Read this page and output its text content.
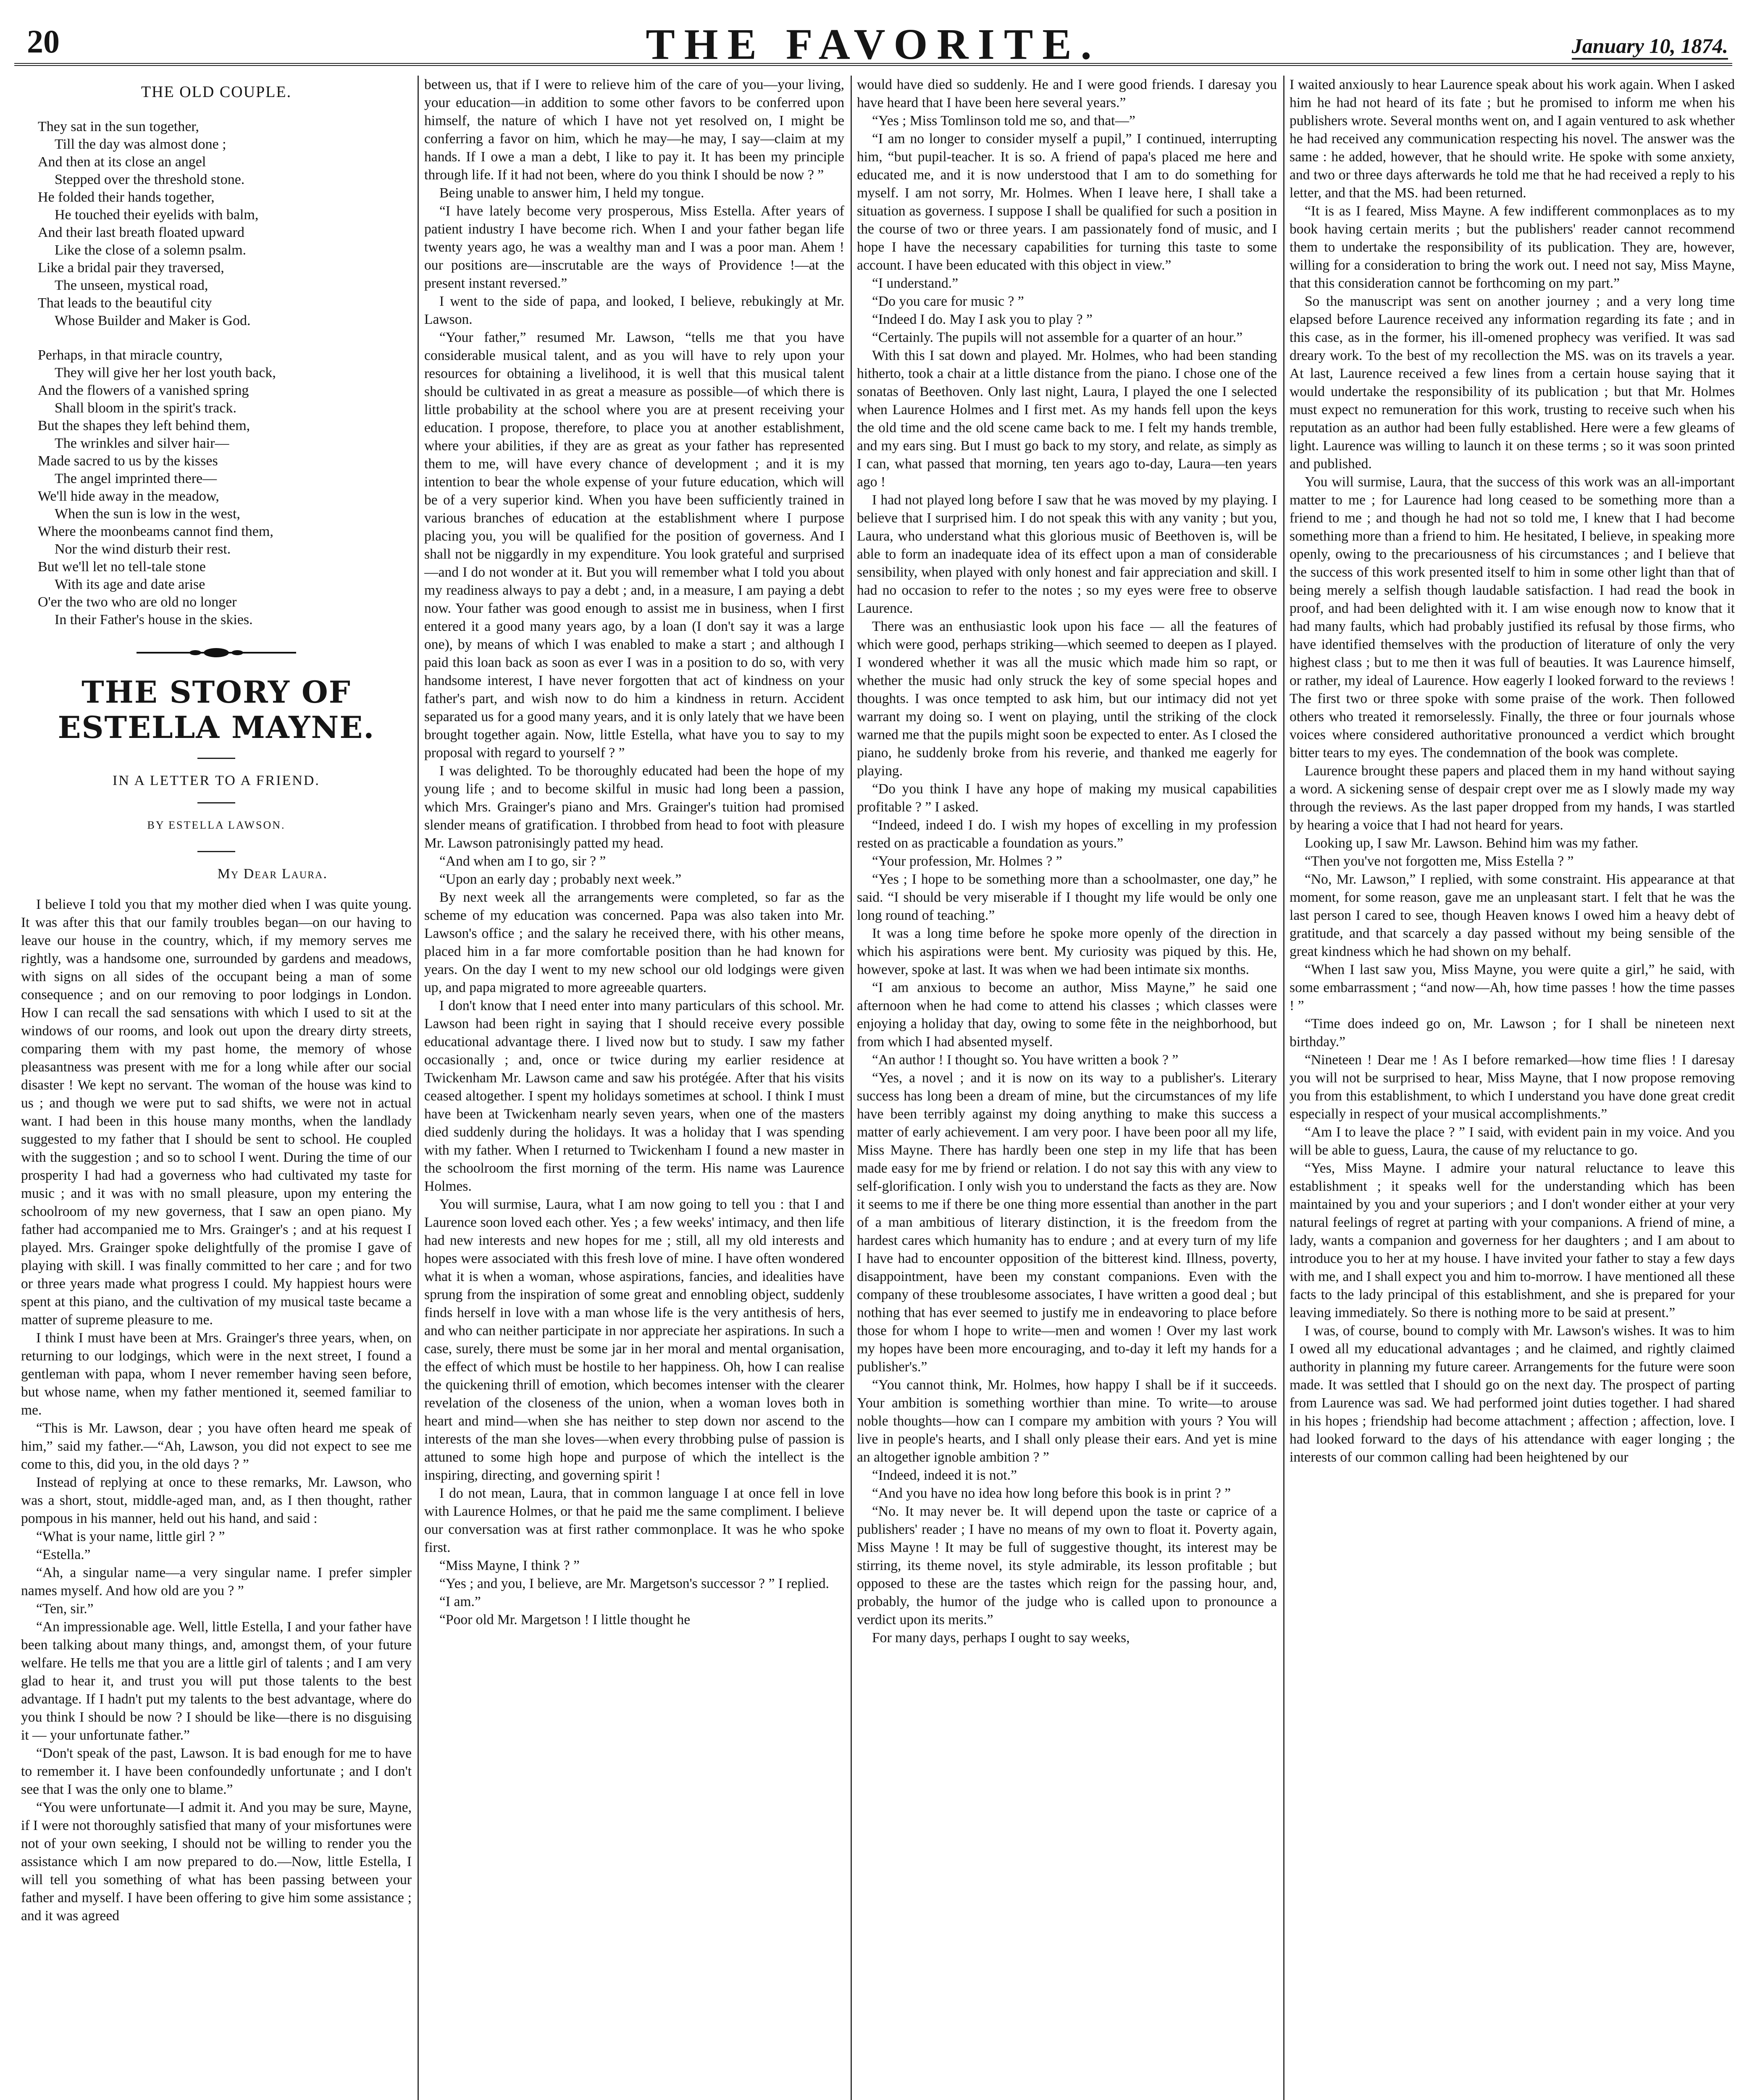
20	THE FAVORITE.	January 10, 1874.
THE OLD COUPLE.
They sat in the sun together,
Till the day was almost done ;
And then at its close an angel
Stepped over the threshold stone.
He folded their hands together,
He touched their eyelids with balm,
And their last breath floated upward
Like the close of a solemn psalm.
Like a bridal pair they traversed,
The unseen, mystical road,
That leads to the beautiful city
Whose Builder and Maker is God.
Perhaps, in that miracle country,
They will give her her lost youth back,
And the flowers of a vanished spring
Shall bloom in the spirit's track.
But the shapes they left behind them,
The wrinkles and silver hair—
Made sacred to us by the kisses
The angel imprinted there—
We'll hide away in the meadow,
When the sun is low in the west,
Where the moonbeams cannot find them,
Nor the wind disturb their rest.
But we'll let no tell-tale stone
With its age and date arise
O'er the two who are old no longer
In their Father's house in the skies.
THE STORY OF ESTELLA MAYNE.
IN A LETTER TO A FRIEND.
BY ESTELLA LAWSON.
My Dear Laura.

I believe I told you that my mother died when I was quite young. It was after this that our family troubles began—on our having to leave our house in the country, which, if my memory serves me rightly, was a handsome one, surrounded by gardens and meadows, with signs on all sides of the occupant being a man of some consequence ; and on our removing to poor lodgings in London. How I can recall the sad sensations with which I used to sit at the windows of our rooms, and look out upon the dreary dirty streets, comparing them with my past home, the memory of whose pleasantness was present with me for a long while after our social disaster ! We kept no servant. The woman of the house was kind to us ; and though we were put to sad shifts, we were not in actual want. I had been in this house many months, when the landlady suggested to my father that I should be sent to school. He coupled with the suggestion ; and so to school I went. During the time of our prosperity I had had a governess who had cultivated my taste for music ; and it was with no small pleasure, upon my entering the schoolroom of my new governess, that I saw an open piano. My father had accompanied me to Mrs. Grainger's ; and at his request I played. Mrs. Grainger spoke delightfully of the promise I gave of playing with skill. I was finally committed to her care ; and for two or three years made what progress I could. My happiest hours were spent at this piano, and the cultivation of my musical taste became a matter of supreme pleasure to me.

I think I must have been at Mrs. Grainger's three years, when, on returning to our lodgings, which were in the next street, I found a gentleman with papa, whom I never remember having seen before, but whose name, when my father mentioned it, seemed familiar to me.

“This is Mr. Lawson, dear ; you have often heard me speak of him,” said my father.—“Ah, Lawson, you did not expect to see me come to this, did you, in the old days ? ”

Instead of replying at once to these remarks, Mr. Lawson, who was a short, stout, middle-aged man, and, as I then thought, rather pompous in his manner, held out his hand, and said :

“What is your name, little girl ? ”

“Estella.”

“Ah, a singular name—a very singular name. I prefer simpler names myself. And how old are you ? ”

“Ten, sir.”

“An impressionable age. Well, little Estella, I and your father have been talking about many things, and, amongst them, of your future welfare. He tells me that you are a little girl of talents ; and I am very glad to hear it, and trust you will put those talents to the best advantage. If I hadn't put my talents to the best advantage, where do you think I should be now ? I should be like—there is no disguising it — your unfortunate father.”

“Don't speak of the past, Lawson. It is bad enough for me to have to remember it. I have been confoundedly unfortunate ; and I don't see that I was the only one to blame.”

“You were unfortunate—I admit it. And you may be sure, Mayne, if I were not thoroughly satisfied that many of your misfortunes were not of your own seeking, I should not be willing to render you the assistance which I am now prepared to do.—Now, little Estella, I will tell you something of what has been passing between your father and myself. I have been offering to give him some assistance ; and it was agreed

between us, that if I were to relieve him of the care of you—your living, your education—in addition to some other favors to be conferred upon himself, the nature of which I have not yet resolved on, I might be conferring a favor on him, which he may—he may, I say—claim at my hands. If I owe a man a debt, I like to pay it. It has been my principle through life. If it had not been, where do you think I should be now ? ”

Being unable to answer him, I held my tongue.

“I have lately become very prosperous, Miss Estella. After years of patient industry I have become rich. When I and your father began life twenty years ago, he was a wealthy man and I was a poor man. Ahem ! our positions are—inscrutable are the ways of Providence !—at the present instant reversed.”

I went to the side of papa, and looked, I believe, rebukingly at Mr. Lawson.

“Your father,” resumed Mr. Lawson, “tells me that you have considerable musical talent, and as you will have to rely upon your resources for obtaining a livelihood, it is well that this musical talent should be cultivated in as great a measure as possible—of which there is little probability at the school where you are at present receiving your education. I propose, therefore, to place you at another establishment, where your abilities, if they are as great as your father has represented them to me, will have every chance of development ; and it is my intention to bear the whole expense of your future education, which will be of a very superior kind. When you have been sufficiently trained in various branches of education at the establishment where I purpose placing you, you will be qualified for the position of governess. And I shall not be niggardly in my expenditure. You look grateful and surprised—and I do not wonder at it. But you will remember what I told you about my readiness always to pay a debt ; and, in a measure, I am paying a debt now. Your father was good enough to assist me in business, when I first entered it a good many years ago, by a loan (I don't say it was a large one), by means of which I was enabled to make a start ; and although I paid this loan back as soon as ever I was in a position to do so, with very handsome interest, I have never forgotten that act of kindness on your father's part, and wish now to do him a kindness in return. Accident separated us for a good many years, and it is only lately that we have been brought together again. Now, little Estella, what have you to say to my proposal with regard to yourself ? ”

I was delighted. To be thoroughly educated had been the hope of my young life ; and to become skilful in music had long been a passion, which Mrs. Grainger's piano and Mrs. Grainger's tuition had promised slender means of gratification. I throbbed from head to foot with pleasure Mr. Lawson patronisingly patted my head.

“And when am I to go, sir ? ”

“Upon an early day ; probably next week.”

By next week all the arrangements were completed, so far as the scheme of my education was concerned. Papa was also taken into Mr. Lawson's office ; and the salary he received there, with his other means, placed him in a far more comfortable position than he had known for years. On the day I went to my new school our old lodgings were given up, and papa migrated to more agreeable quarters.

I don't know that I need enter into many particulars of this school. Mr. Lawson had been right in saying that I should receive every possible educational advantage there. I lived now but to study. I saw my father occasionally ; and, once or twice during my earlier residence at Twickenham Mr. Lawson came and saw his protégée. After that his visits ceased altogether. I spent my holidays sometimes at school. I think I must have been at Twickenham nearly seven years, when one of the masters died suddenly during the holidays. It was a holiday that I was spending with my father. When I returned to Twickenham I found a new master in the schoolroom the first morning of the term. His name was Laurence Holmes.

You will surmise, Laura, what I am now going to tell you : that I and Laurence soon loved each other. Yes ; a few weeks' intimacy, and then life had new interests and new hopes for me ; still, all my old interests and hopes were associated with this fresh love of mine. I have often wondered what it is when a woman, whose aspirations, fancies, and idealities have sprung from the inspiration of some great and ennobling object, suddenly finds herself in love with a man whose life is the very antithesis of hers, and who can neither participate in nor appreciate her aspirations. In such a case, surely, there must be some jar in her moral and mental organisation, the effect of which must be hostile to her happiness. Oh, how I can realise the quickening thrill of emotion, which becomes intenser with the clearer revelation of the closeness of the union, when a woman loves both in heart and mind—when she has neither to step down nor ascend to the interests of the man she loves—when every throbbing pulse of passion is attuned to some high hope and purpose of which the intellect is the inspiring, directing, and governing spirit !

I do not mean, Laura, that in common language I at once fell in love with Laurence Holmes, or that he paid me the same compliment. I believe our conversation was at first rather commonplace. It was he who spoke first.

“Miss Mayne, I think ? ”

“Yes ; and you, I believe, are Mr. Margetson's successor ? ” I replied.

“I am.”

“Poor old Mr. Margetson ! I little thought he

would have died so suddenly. He and I were good friends. I daresay you have heard that I have been here several years.”

“Yes ; Miss Tomlinson told me so, and that—”

“I am no longer to consider myself a pupil,” I continued, interrupting him, “but pupil-teacher. It is so. A friend of papa's placed me here and educated me, and it is now understood that I am to do something for myself. I am not sorry, Mr. Holmes. When I leave here, I shall take a situation as governess. I suppose I shall be qualified for such a position in the course of two or three years. I am passionately fond of music, and I hope I have the necessary capabilities for turning this taste to some account. I have been educated with this object in view.”

“I understand.”

“Do you care for music ? ”

“Indeed I do. May I ask you to play ? ”

“Certainly. The pupils will not assemble for a quarter of an hour.”

With this I sat down and played. Mr. Holmes, who had been standing hitherto, took a chair at a little distance from the piano. I chose one of the sonatas of Beethoven. Only last night, Laura, I played the one I selected when Laurence Holmes and I first met. As my hands fell upon the keys the old time and the old scene came back to me. I felt my hands tremble, and my ears sing. But I must go back to my story, and relate, as simply as I can, what passed that morning, ten years ago to-day, Laura—ten years ago !

I had not played long before I saw that he was moved by my playing. I believe that I surprised him. I do not speak this with any vanity ; but you, Laura, who understand what this glorious music of Beethoven is, will be able to form an inadequate idea of its effect upon a man of considerable sensibility, when played with only honest and fair appreciation and skill. I had no occasion to refer to the notes ; so my eyes were free to observe Laurence.

There was an enthusiastic look upon his face — all the features of which were good, perhaps striking—which seemed to deepen as I played. I wondered whether it was all the music which made him so rapt, or whether the music had only struck the key of some special hopes and thoughts. I was once tempted to ask him, but our intimacy did not yet warrant my doing so. I went on playing, until the striking of the clock warned me that the pupils might soon be expected to enter. As I closed the piano, he suddenly broke from his reverie, and thanked me eagerly for playing.

“Do you think I have any hope of making my musical capabilities profitable ? ” I asked.

“Indeed, indeed I do. I wish my hopes of excelling in my profession rested on as practicable a foundation as yours.”

“Your profession, Mr. Holmes ? ”

“Yes ; I hope to be something more than a schoolmaster, one day,” he said. “I should be very miserable if I thought my life would be only one long round of teaching.”

It was a long time before he spoke more openly of the direction in which his aspirations were bent. My curiosity was piqued by this. He, however, spoke at last. It was when we had been intimate six months.

“I am anxious to become an author, Miss Mayne,” he said one afternoon when he had come to attend his classes ; which classes were enjoying a holiday that day, owing to some fête in the neighborhood, but from which I had absented myself.

“An author ! I thought so. You have written a book ? ”

“Yes, a novel ; and it is now on its way to a publisher's. Literary success has long been a dream of mine, but the circumstances of my life have been terribly against my doing anything to make this success a matter of early achievement. I am very poor. I have been poor all my life, Miss Mayne. There has hardly been one step in my life that has been made easy for me by friend or relation. I do not say this with any view to self-glorification. I only wish you to understand the facts as they are. Now it seems to me if there be one thing more essential than another in the part of a man ambitious of literary distinction, it is the freedom from the hardest cares which humanity has to endure ; and at every turn of my life I have had to encounter opposition of the bitterest kind. Illness, poverty, disappointment, have been my constant companions. Even with the company of these troublesome associates, I have written a good deal ; but nothing that has ever seemed to justify me in endeavoring to place before those for whom I hope to write—men and women ! Over my last work my hopes have been more encouraging, and to-day it left my hands for a publisher's.”

“You cannot think, Mr. Holmes, how happy I shall be if it succeeds. Your ambition is something worthier than mine. To write—to arouse noble thoughts—how can I compare my ambition with yours ? You will live in people's hearts, and I shall only please their ears. And yet is mine an altogether ignoble ambition ? ”

“Indeed, indeed it is not.”

“And you have no idea how long before this book is in print ? ”

“No. It may never be. It will depend upon the taste or caprice of a publishers' reader ; I have no means of my own to float it. Poverty again, Miss Mayne ! It may be full of suggestive thought, its interest may be stirring, its theme novel, its style admirable, its lesson profitable ; but opposed to these are the tastes which reign for the passing hour, and, probably, the humor of the judge who is called upon to pronounce a verdict upon its merits.”

For many days, perhaps I ought to say weeks,

I waited anxiously to hear Laurence speak about his work again. When I asked him he had not heard of its fate ; but he promised to inform me when his publishers wrote. Several months went on, and I again ventured to ask whether he had received any communication respecting his novel. The answer was the same : he added, however, that he should write. He spoke with some anxiety, and two or three days afterwards he told me that he had received a reply to his letter, and that the MS. had been returned.

“It is as I feared, Miss Mayne. A few indifferent commonplaces as to my book having certain merits ; but the publishers' reader cannot recommend them to undertake the responsibility of its publication. They are, however, willing for a consideration to bring the work out. I need not say, Miss Mayne, that this consideration cannot be forthcoming on my part.”

So the manuscript was sent on another journey ; and a very long time elapsed before Laurence received any information regarding its fate ; and in this case, as in the former, his ill-omened prophecy was verified. It was sad dreary work. To the best of my recollection the MS. was on its travels a year. At last, Laurence received a few lines from a certain house saying that it would undertake the responsibility of its publication ; but that Mr. Holmes must expect no remuneration for this work, trusting to receive such when his reputation as an author had been fully established. Here were a few gleams of light. Laurence was willing to launch it on these terms ; so it was soon printed and published.

You will surmise, Laura, that the success of this work was an all-important matter to me ; for Laurence had long ceased to be something more than a friend to me ; and though he had not so told me, I knew that I had become something more than a friend to him. He hesitated, I believe, in speaking more openly, owing to the precariousness of his circumstances ; and I believe that the success of this work presented itself to him in some other light than that of being merely a selfish though laudable satisfaction. I had read the book in proof, and had been delighted with it. I am wise enough now to know that it had many faults, which had probably justified its refusal by those firms, who have identified themselves with the production of literature of only the very highest class ; but to me then it was full of beauties. It was Laurence himself, or rather, my ideal of Laurence. How eagerly I looked forward to the reviews ! The first two or three spoke with some praise of the work. Then followed others who treated it remorselessly. Finally, the three or four journals whose voices where considered authoritative pronounced a verdict which brought bitter tears to my eyes. The condemnation of the book was complete.

Laurence brought these papers and placed them in my hand without saying a word. A sickening sense of despair crept over me as I slowly made my way through the reviews. As the last paper dropped from my hands, I was startled by hearing a voice that I had not heard for years.

Looking up, I saw Mr. Lawson. Behind him was my father.

“Then you've not forgotten me, Miss Estella ? ”

“No, Mr. Lawson,” I replied, with some constraint. His appearance at that moment, for some reason, gave me an unpleasant start. I felt that he was the last person I cared to see, though Heaven knows I owed him a heavy debt of gratitude, and that scarcely a day passed without my being sensible of the great kindness which he had shown on my behalf.

“When I last saw you, Miss Mayne, you were quite a girl,” he said, with some embarrassment ; “and now—Ah, how time passes ! how the time passes ! ”

“Time does indeed go on, Mr. Lawson ; for I shall be nineteen next birthday.”

“Nineteen ! Dear me ! As I before remarked—how time flies ! I daresay you will not be surprised to hear, Miss Mayne, that I now propose removing you from this establishment, to which I understand you have done great credit especially in respect of your musical accomplishments.”

“Am I to leave the place ? ” I said, with evident pain in my voice. And you will be able to guess, Laura, the cause of my reluctance to go.

“Yes, Miss Mayne. I admire your natural reluctance to leave this establishment ; it speaks well for the understanding which has been maintained by you and your superiors ; and I don't wonder either at your very natural feelings of regret at parting with your companions. A friend of mine, a lady, wants a companion and governess for her daughters ; and I am about to introduce you to her at my house. I have invited your father to stay a few days with me, and I shall expect you and him to-morrow. I have mentioned all these facts to the lady principal of this establishment, and she is prepared for your leaving immediately. So there is nothing more to be said at present.”

I was, of course, bound to comply with Mr. Lawson's wishes. It was to him I owed all my educational advantages ; and he claimed, and rightly claimed authority in planning my future career. Arrangements for the future were soon made. It was settled that I should go on the next day. The prospect of parting from Laurence was sad. We had performed joint duties together. I had shared in his hopes ; friendship had become attachment ; affection ; affection, love. I had looked forward to the days of his attendance with eager longing ; the interests of our common calling had been heightened by our
